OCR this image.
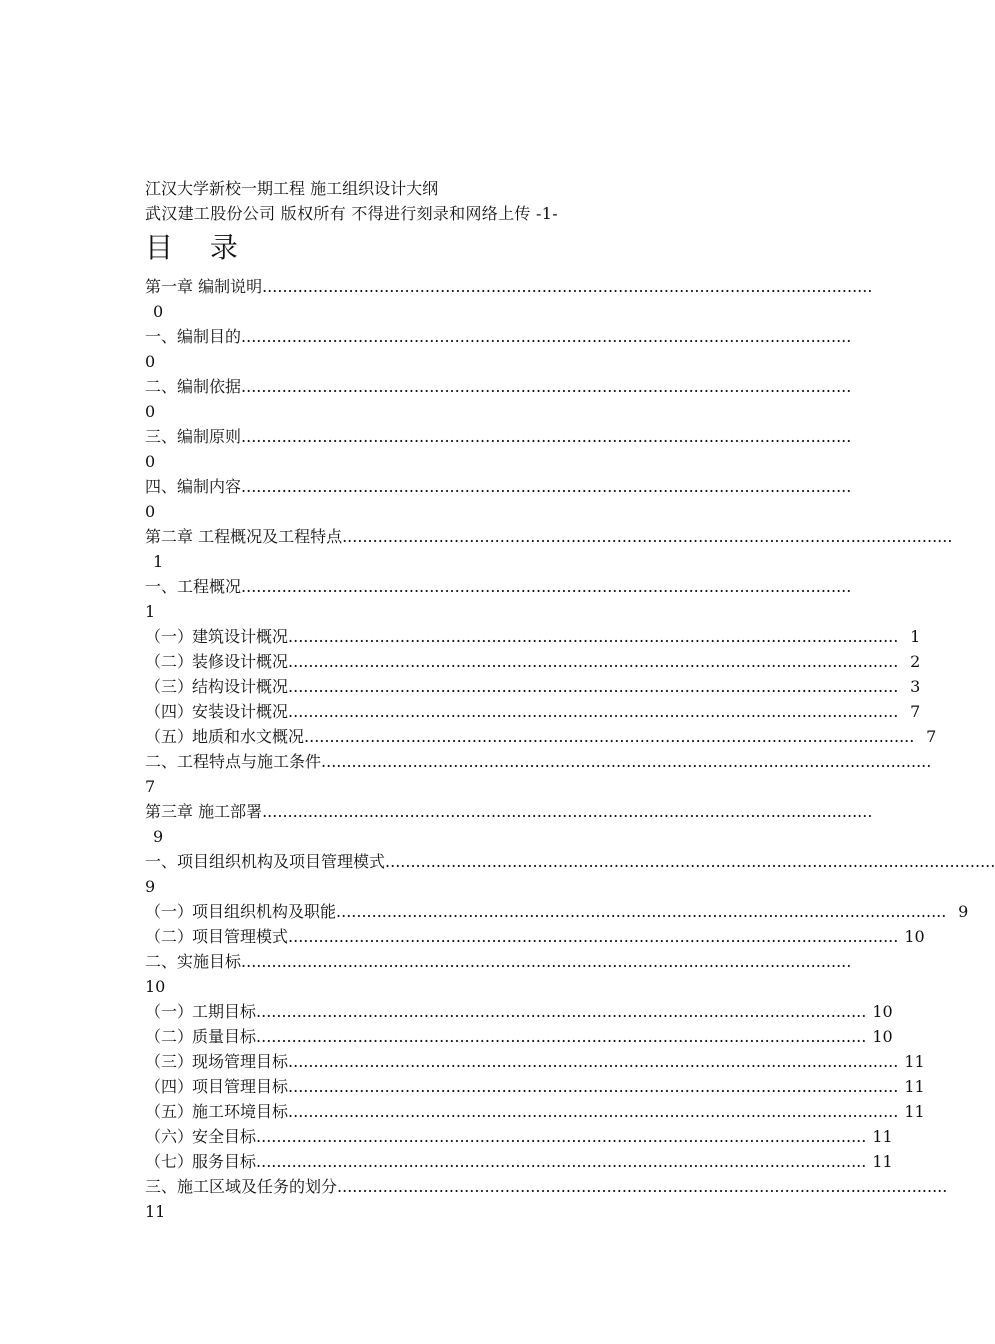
江汉大学新校一期工程 施工组织设计大纲
武汉建工股份公司 版权所有 不得进行刻录和网络上传 -1-
目 录
第一章 编制说明........................................................................................................................
0
一、编制目的........................................................................................................................
0
二、编制依据........................................................................................................................
0
三、编制原则........................................................................................................................
0
四、编制内容........................................................................................................................
0
第二章 工程概况及工程特点........................................................................................................................
1
一、工程概况........................................................................................................................
1
（一）
建筑设计概况 ........................................................................................................................ 1
（二）
装修设计概况 ........................................................................................................................ 2
（三）
结构设计概况 ........................................................................................................................ 3
（四）
安装设计概况 ........................................................................................................................ 7
（五）
地质和水文概况 ........................................................................................................................ 7
二、工程特点与施工条件........................................................................................................................
7
第三章 施工部署........................................................................................................................
9
一、项目组织机构及项目管理模式........................................................................................................................
9
（一）
项目组织机构及职能 ........................................................................................................................ 9
（二）
项目管理模式 ........................................................................................................................ 10
二、实施目标........................................................................................................................
10
（一）
工期目标 ........................................................................................................................ 10
（二）
质量目标 ........................................................................................................................ 10
（三）
现场管理目标 ........................................................................................................................ 11
（四）
项目管理目标 ........................................................................................................................ 11
（五）
施工环境目标 ........................................................................................................................ 11
（六）
安全目标 ........................................................................................................................ 11
（七）
服务目标 ........................................................................................................................ 11
三、施工区域及任务的划分........................................................................................................................
11
